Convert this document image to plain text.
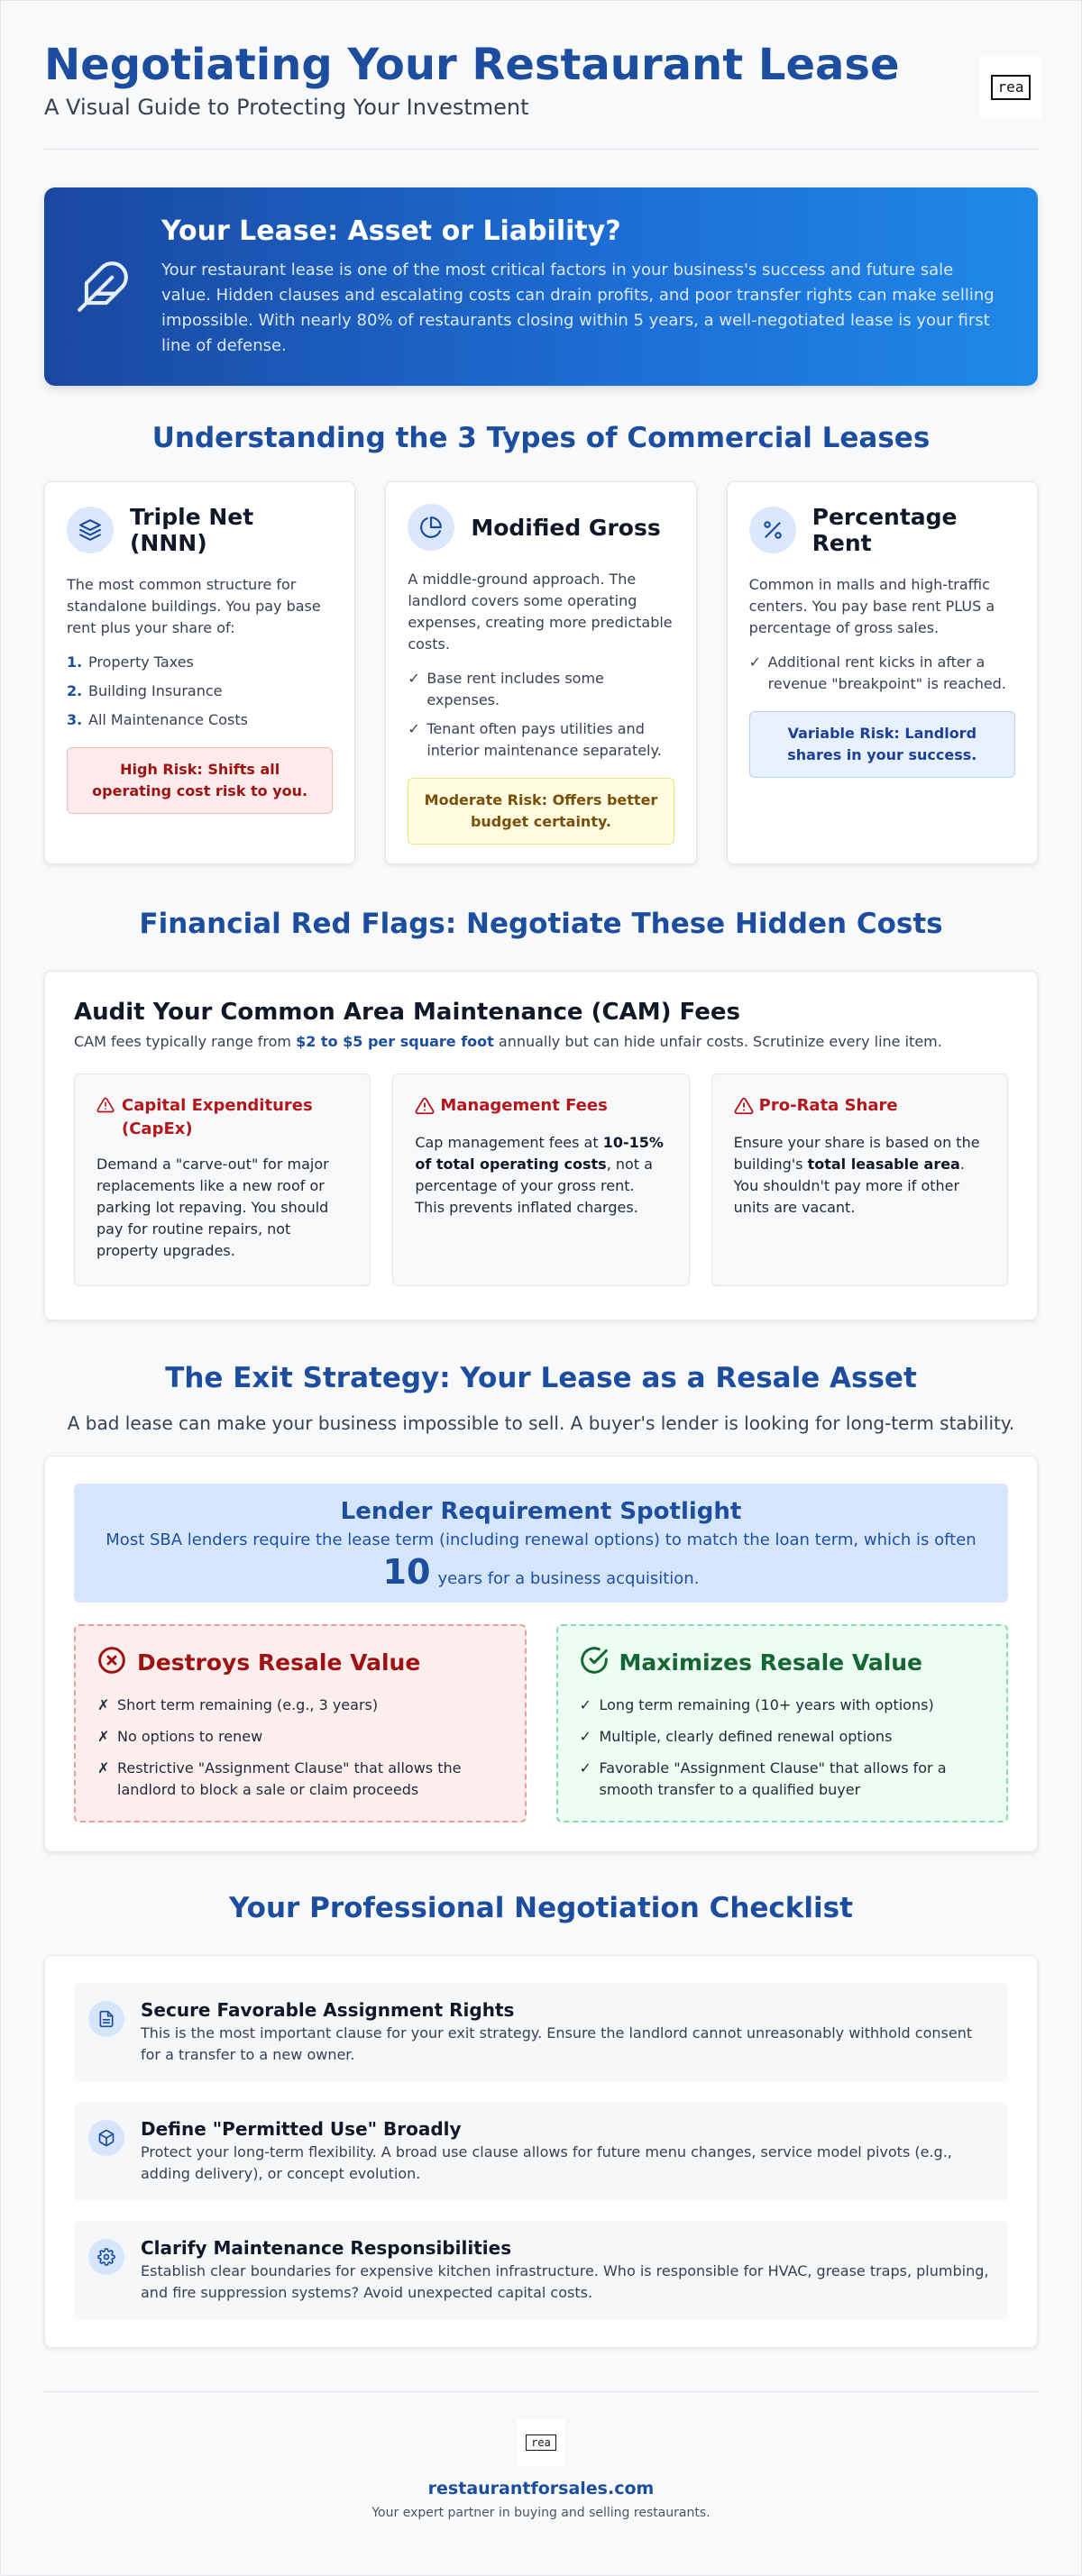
Negotiating Your Restaurant Lease
A Visual Guide to Protecting Your Investment
rea
Your Lease: Asset or Liability?
Your restaurant lease is one of the most critical factors in your business's success and future sale value. Hidden clauses and escalating costs can drain profits, and poor transfer rights can make selling impossible. With nearly 80% of restaurants closing within 5 years, a well-negotiated lease is your first line of defense.
Understanding the 3 Types of Commercial Leases
Triple Net (NNN)
The most common structure for standalone buildings. You pay base rent plus your share of:
1. Property Taxes
2. Building Insurance
3. All Maintenance Costs
High Risk: Shifts all operating cost risk to you.
Modified Gross
A middle-ground approach. The landlord covers some operating expenses, creating more predictable costs.
✓ Base rent includes some expenses.
✓ Tenant often pays utilities and interior maintenance separately.
Moderate Risk: Offers better budget certainty.
Percentage Rent
Common in malls and high-traffic centers. You pay base rent PLUS a percentage of gross sales.
✓ Additional rent kicks in after a revenue "breakpoint" is reached.
Variable Risk: Landlord shares in your success.
Financial Red Flags: Negotiate These Hidden Costs
Audit Your Common Area Maintenance (CAM) Fees
CAM fees typically range from $2 to $5 per square foot annually but can hide unfair costs. Scrutinize every line item.
Capital Expenditures (CapEx)
Demand a "carve-out" for major replacements like a new roof or parking lot repaving. You should pay for routine repairs, not property upgrades.
Management Fees
Cap management fees at 10-15% of total operating costs, not a percentage of your gross rent. This prevents inflated charges.
Pro-Rata Share
Ensure your share is based on the building's total leasable area. You shouldn't pay more if other units are vacant.
The Exit Strategy: Your Lease as a Resale Asset
A bad lease can make your business impossible to sell. A buyer's lender is looking for long-term stability.
Lender Requirement Spotlight
Most SBA lenders require the lease term (including renewal options) to match the loan term, which is often
10 years for a business acquisition.
Destroys Resale Value
✗ Short term remaining (e.g., 3 years)
✗ No options to renew
✗ Restrictive "Assignment Clause" that allows the landlord to block a sale or claim proceeds
Maximizes Resale Value
✓ Long term remaining (10+ years with options)
✓ Multiple, clearly defined renewal options
✓ Favorable "Assignment Clause" that allows for a smooth transfer to a qualified buyer
Your Professional Negotiation Checklist
Secure Favorable Assignment Rights
This is the most important clause for your exit strategy. Ensure the landlord cannot unreasonably withhold consent for a transfer to a new owner.
Define "Permitted Use" Broadly
Protect your long-term flexibility. A broad use clause allows for future menu changes, service model pivots (e.g., adding delivery), or concept evolution.
Clarify Maintenance Responsibilities
Establish clear boundaries for expensive kitchen infrastructure. Who is responsible for HVAC, grease traps, plumbing, and fire suppression systems? Avoid unexpected capital costs.
rea
restaurantforsales.com
Your expert partner in buying and selling restaurants.
